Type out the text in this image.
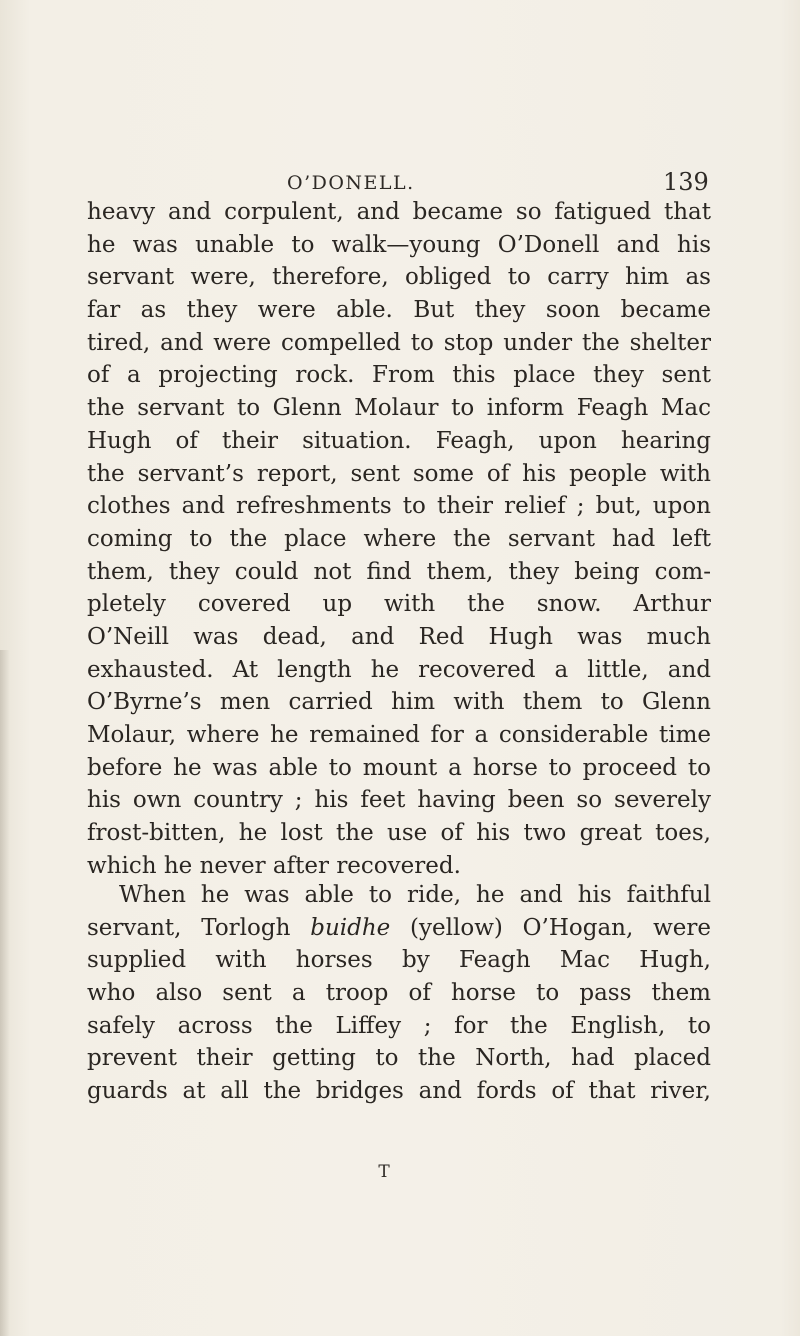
O’DONELL.	139
heavy and corpulent, and became so fatigued that
he was unable to walk—young O’Donell and his
servant were, therefore, obliged to carry him as
far as they were able. But they soon became
tired, and were compelled to stop under the shelter
of a projecting rock. From this place they sent
the servant to Glenn Molaur to inform Feagh Mac
Hugh of their situation. Feagh, upon hearing
the servant’s report, sent some of his people with
clothes and refreshments to their relief ; but, upon
coming to the place where the servant had left
them, they could not find them, they being com-
pletely covered up with the snow. Arthur
O’Neill was dead, and Red Hugh was much
exhausted. At length he recovered a little, and
O’Byrne’s men carried him with them to Glenn
Molaur, where he remained for a considerable time
before he was able to mount a horse to proceed to
his own country ; his feet having been so severely
frost-bitten, he lost the use of his two great toes,
which he never after recovered.
When he was able to ride, he and his faithful
servant, Torlogh buidhe (yellow) O’Hogan, were
supplied with horses by Feagh Mac Hugh,
who also sent a troop of horse to pass them
safely across the Liffey ; for the English, to
prevent their getting to the North, had placed
guards at all the bridges and fords of that river,
T
